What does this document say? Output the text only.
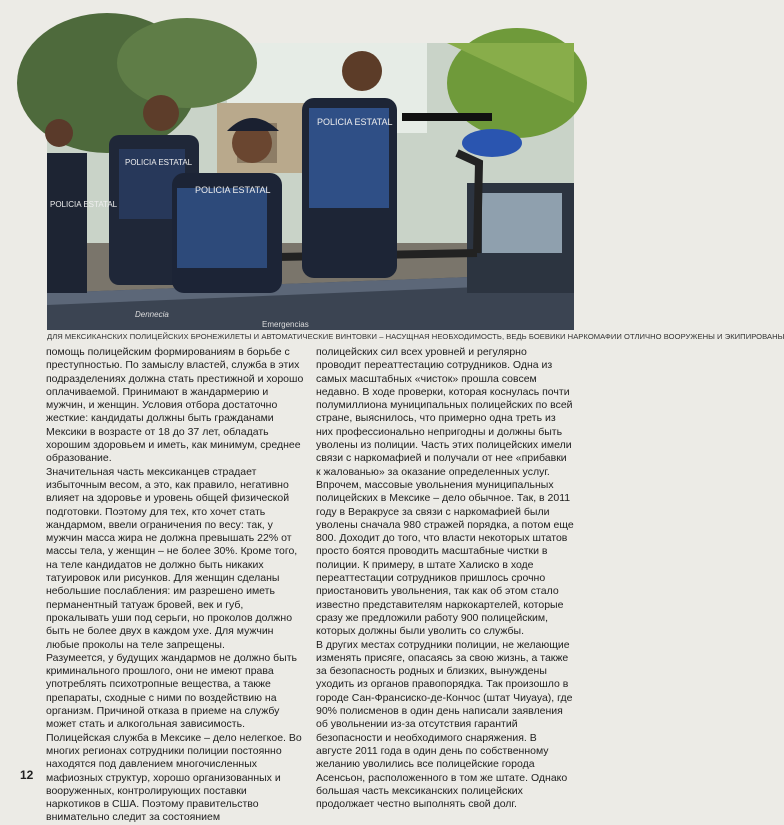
POLICIA ESTATAL
POLICIA ESTATAL
POLICIA ESTATAL
POLICIA ESTATAL
Dennecia
Emergencias
ДЛЯ МЕКСИКАНСКИХ ПОЛИЦЕЙСКИХ БРОНЕЖИЛЕТЫ И АВТОМАТИЧЕСКИЕ ВИНТОВКИ – НАСУЩНАЯ НЕОБХОДИМОСТЬ, ВЕДЬ БОЕВИКИ НАРКОМАФИИ ОТЛИЧНО ВООРУЖЕНЫ И ЭКИПИРОВАНЫ

помощь полицейским формированиям в борьбе с преступностью. По замыслу властей, служба в этих подразделениях должна стать престижной и хорошо оплачиваемой. Принимают в жандармерию и мужчин, и женщин. Условия отбора достаточно жесткие: кандидаты должны быть гражданами Мексики в возрасте от 18 до 37 лет, обладать хорошим здоровьем и иметь, как минимум, среднее образование.

Значительная часть мексиканцев страдает избыточным весом, а это, как правило, негативно влияет на здоровье и уровень общей физической подготовки. Поэтому для тех, кто хочет стать жандармом, ввели ограничения по весу: так, у мужчин масса жира не должна превышать 22% от массы тела, у женщин – не более 30%. Кроме того, на теле кандидатов не должно быть никаких татуировок или рисунков. Для женщин сделаны небольшие послабления: им разрешено иметь перманентный татуаж бровей, век и губ, прокалывать уши под серьги, но проколов должно быть не более двух в каждом ухе. Для мужчин любые проколы на теле запрещены.

Разумеется, у будущих жандармов не должно быть криминального прошлого, они не имеют права употреблять психотропные вещества, а также препараты, сходные с ними по воздействию на организм. Причиной отказа в приеме на службу может стать и алкогольная зависимость.

Полицейская служба в Мексике – дело нелегкое. Во многих регионах сотрудники полиции постоянно находятся под давлением многочисленных мафиозных структур, хорошо организованных и вооруженных, контролирующих поставки наркотиков в США. Поэтому правительство внимательно следит за состоянием

полицейских сил всех уровней и регулярно проводит переаттестацию сотрудников. Одна из самых масштабных «чисток» прошла совсем недавно. В ходе проверки, которая коснулась почти полумиллиона муниципальных полицейских по всей стране, выяснилось, что примерно одна треть из них профессионально непригодны и должны быть уволены из полиции. Часть этих полицейских имели связи с наркомафией и получали от нее «прибавки к жалованью» за оказание определенных услуг.

Впрочем, массовые увольнения муниципальных полицейских в Мексике – дело обычное. Так, в 2011 году в Веракрусе за связи с наркомафией были уволены сначала 980 стражей порядка, а потом еще 800. Доходит до того, что власти некоторых штатов просто боятся проводить масштабные чистки в полиции. К примеру, в штате Халиско в ходе переаттестации сотрудников пришлось срочно приостановить увольнения, так как об этом стало известно представителям наркокартелей, которые сразу же предложили работу 900 полицейским, которых должны были уволить со службы.

В других местах сотрудники полиции, не желающие изменять присяге, опасаясь за свою жизнь, а также за безопасность родных и близких, вынуждены уходить из органов правопорядка. Так произошло в городе Сан-Франсиско-де-Кончос (штат Чиуауа), где 90% полисменов в один день написали заявления об увольнении из-за отсутствия гарантий безопасности и необходимого снаряжения. В августе 2011 года в один день по собственному желанию уволились все полицейские города Асенсьон, расположенного в том же штате. Однако большая часть мексиканских полицейских продолжает честно выполнять свой долг.

12
